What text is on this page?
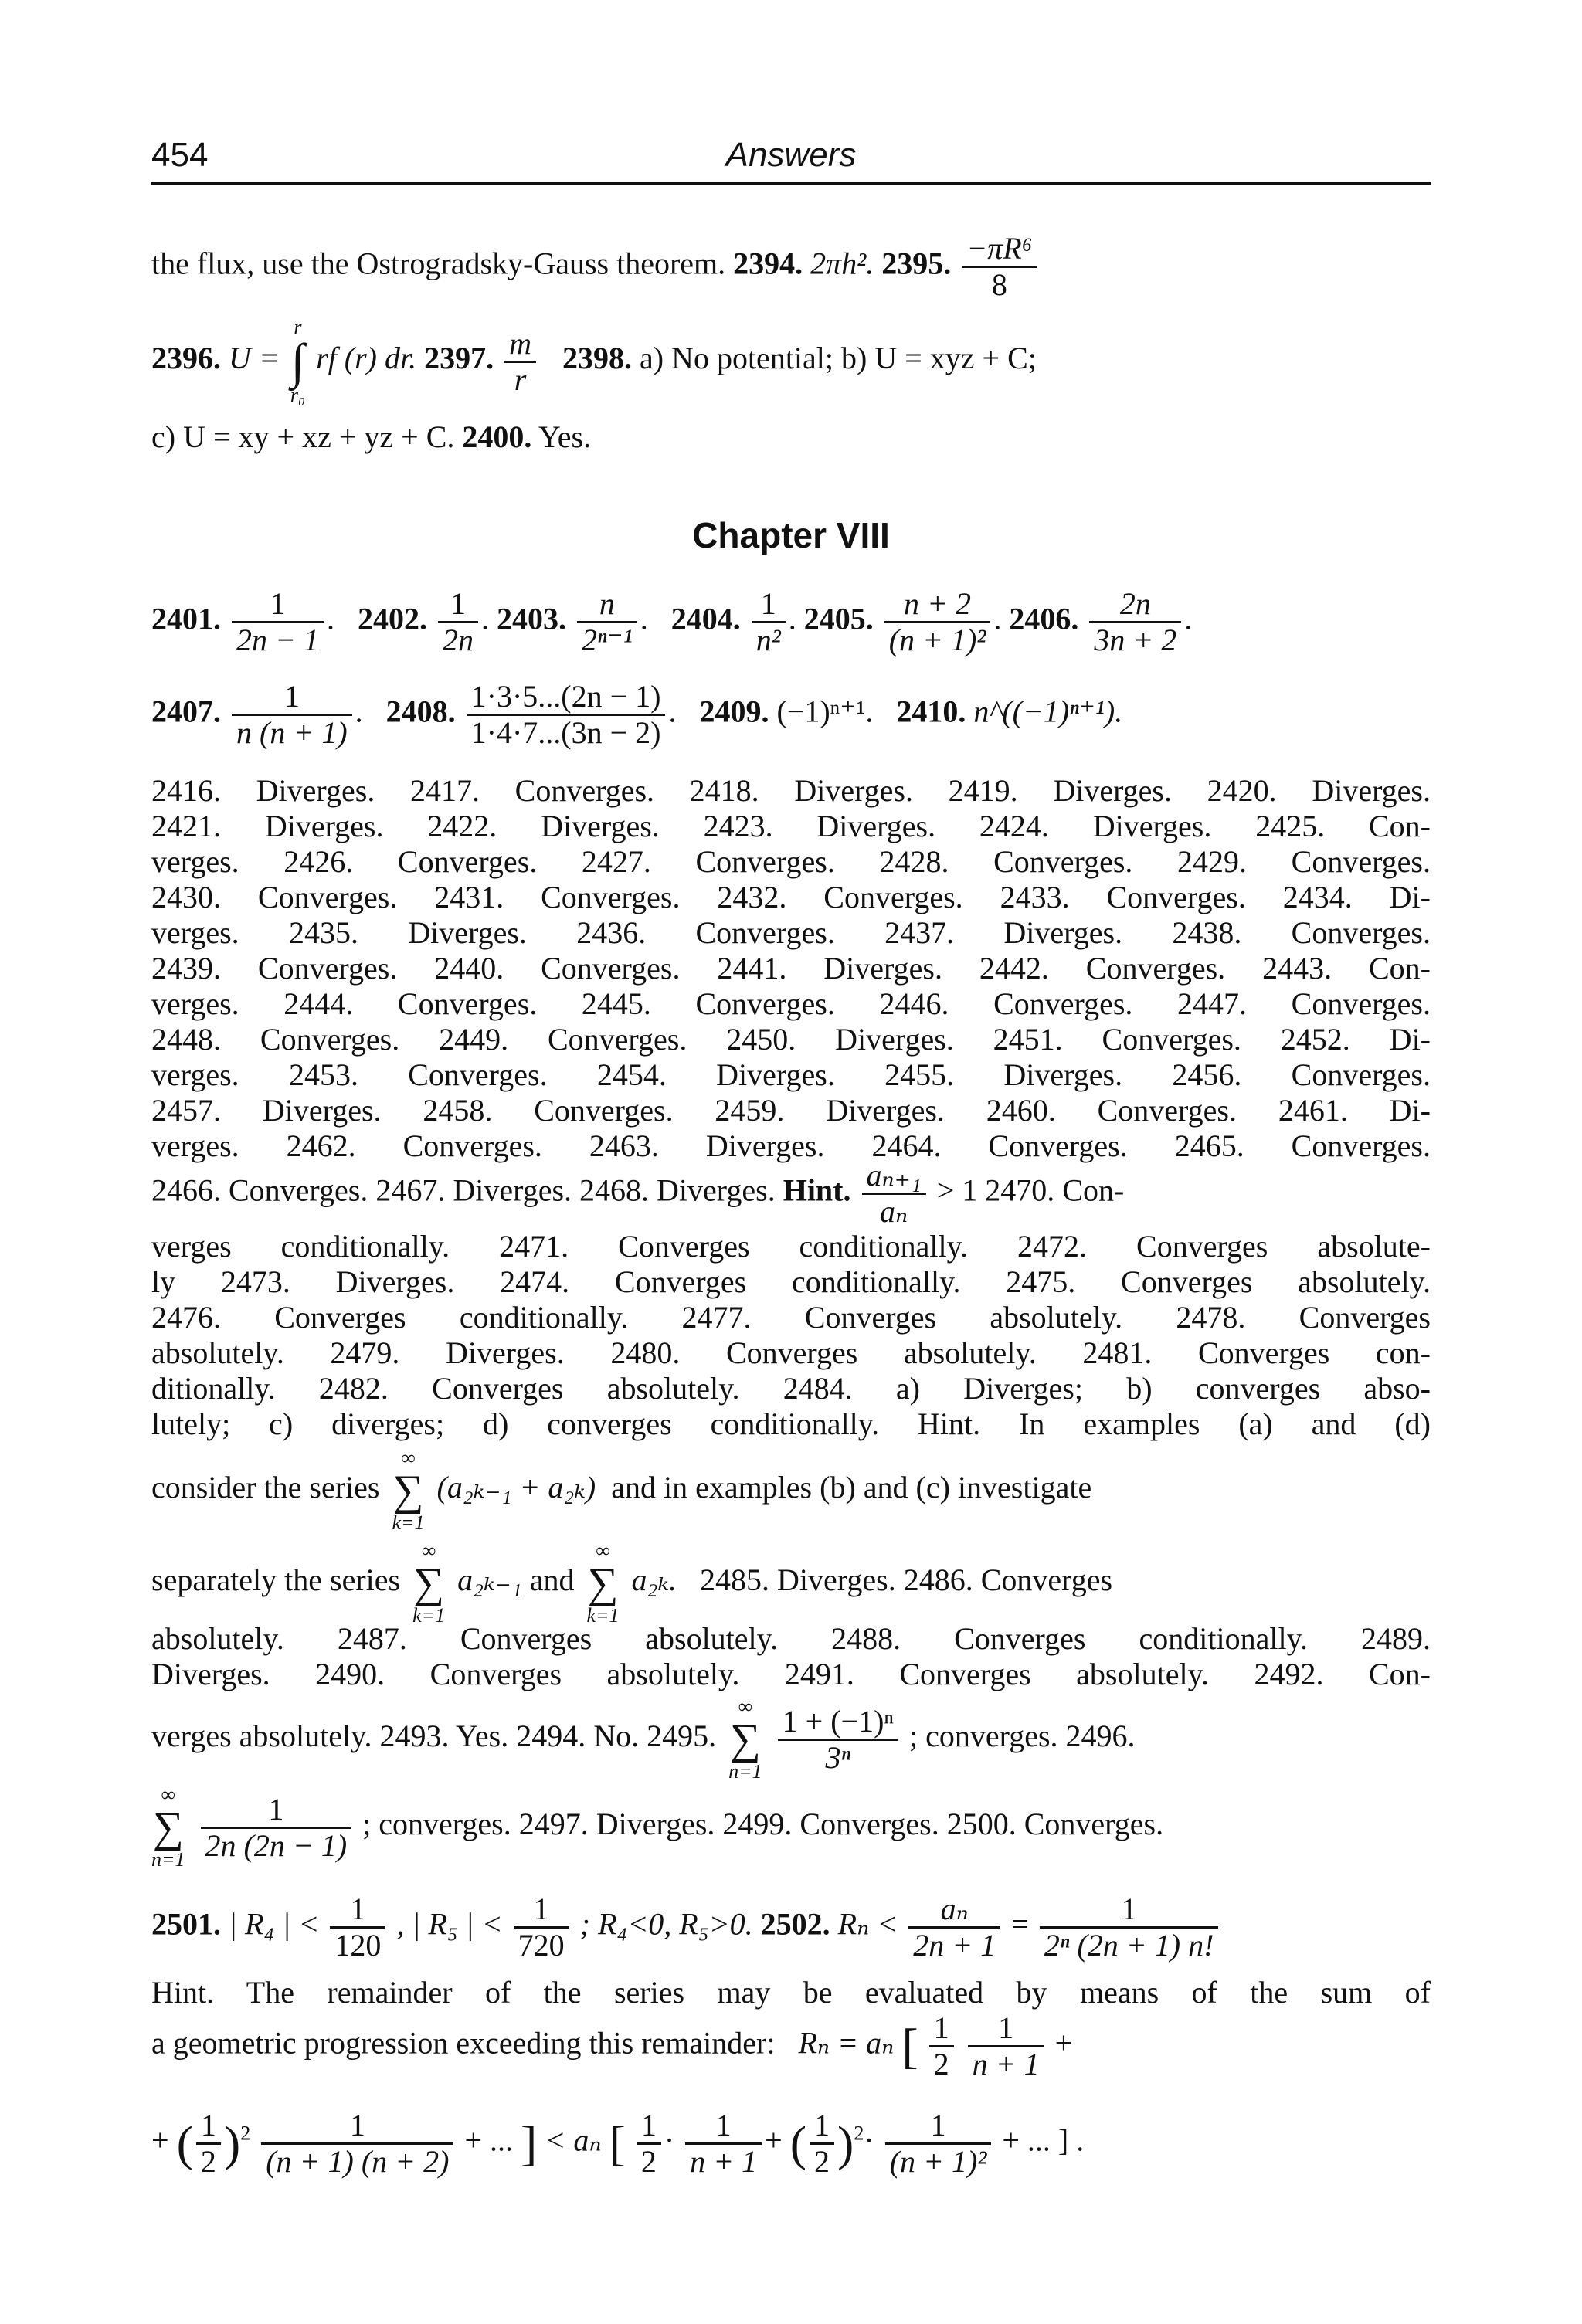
454	Answers
the flux, use the Ostrogradsky-Gauss theorem. 2394. 2πh². 2395. $\frac{\text{−πR⁶}}{8}$
2396. U =
r
∫
r₀
rf (r) dr. 2397. $\frac{m}{r} 2398$. a) No potential; b) U = xyz + C;
c) U = xy + xz + yz + C. 2400. Yes.
Chapter VIII
2401. $\frac{1}{2n - 1}$ .   2402. $\frac{1}{2n}$ . 2403. $\frac{n}{\text{2ⁿ⁻¹}}$ .   2404. $\frac{1}{\text{n²}}$ . 2405. $\frac{n + 2}{\text{(n + 1)²}}$ . 2406. $\frac{2n}{3n + 2}$ .
2407. $\frac{1}{n (n + 1)}$ .   2408. $\frac{1\cdot 3\cdot 5...(2n - 1)}{1\cdot 4\cdot 7...(3n - 2)}$ .   2409. (−1)ⁿ⁺¹. 2410. n^((−1)ⁿ⁺¹).
2416. Diverges. 2417. Converges. 2418. Diverges. 2419. Diverges. 2420. Diverges.
2421. Diverges. 2422. Diverges. 2423. Diverges. 2424. Diverges. 2425. Con-
verges. 2426. Converges. 2427. Converges. 2428. Converges. 2429. Converges.
2430. Converges. 2431. Converges. 2432. Converges. 2433. Converges. 2434. Di-
verges. 2435. Diverges. 2436. Converges. 2437. Diverges. 2438. Converges.
2439. Converges. 2440. Converges. 2441. Diverges. 2442. Converges. 2443. Con-
verges. 2444. Converges. 2445. Converges. 2446. Converges. 2447. Converges.
2448. Converges. 2449. Converges. 2450. Diverges. 2451. Converges. 2452. Di-
verges. 2453. Converges. 2454. Diverges. 2455. Diverges. 2456. Converges.
2457. Diverges. 2458. Converges. 2459. Diverges. 2460. Converges. 2461. Di-
verges. 2462. Converges. 2463. Diverges. 2464. Converges. 2465. Converges.
2466. Converges. 2467. Diverges. 2468. Diverges. Hint. $\frac{\text{aₙ₊₁}}{\text{aₙ}} > 1$ 2470. Con-
verges conditionally. 2471. Converges conditionally. 2472. Converges absolute-
ly 2473. Diverges. 2474. Converges conditionally. 2475. Converges absolutely.
2476. Converges conditionally. 2477. Converges absolutely. 2478. Converges
absolutely. 2479. Diverges. 2480. Converges absolutely. 2481. Converges con-
ditionally. 2482. Converges absolutely. 2484. a) Diverges; b) converges abso-
lutely; c) diverges; d) converges conditionally. Hint. In examples (a) and (d)
consider the series
∞
∑
k=1
(a₂ₖ₋₁ + a₂ₖ) and in examples (b) and (c) investigate
separately the series
∞
∑
k=1
a₂ₖ₋₁ and
∞
∑
k=1
a₂ₖ. 2485. Diverges. 2486. Converges
absolutely. 2487. Converges absolutely. 2488. Converges conditionally. 2489.
Diverges. 2490. Converges absolutely. 2491. Converges absolutely. 2492. Con-
verges absolutely. 2493. Yes. 2494. No. 2495.
∞
∑
n=1
$\frac{\text{1 + (−1)ⁿ}}{\text{3ⁿ}}$ ; converges. 2496.
∞
∑
n=1
$\frac{1}{2n (2n - 1)}$ ; converges. 2497. Diverges. 2499. Converges. 2500. Converges.
2501. | R₄ | < $\frac{1}{120}$ , | R₅ | < $\frac{1}{720}$ ; R₄<0, R₅>0. 2502. $R_n < \frac{\text{aₙ}}{2n + 1} = \frac{1}{\text{2ⁿ (2n + 1) n!}}$
Hint. The remainder of the series may be evaluated by means of the sum of
a geometric progression exceeding this remainder: Rₙ = aₙ [ $\frac{1}{2}$
$\frac{1}{n + 1}$ +
+ ( $\frac{1}{2} )^2 \frac{1}{(n + 1) (n + 2)}$ + ... ] < aₙ [ $\frac{1}{2} \cdot \frac{1}{n + 1}$ + ( $\frac{1}{2} )^2\cdot \frac{1}{\text{(n + 1)²}}$ + ... ] .
